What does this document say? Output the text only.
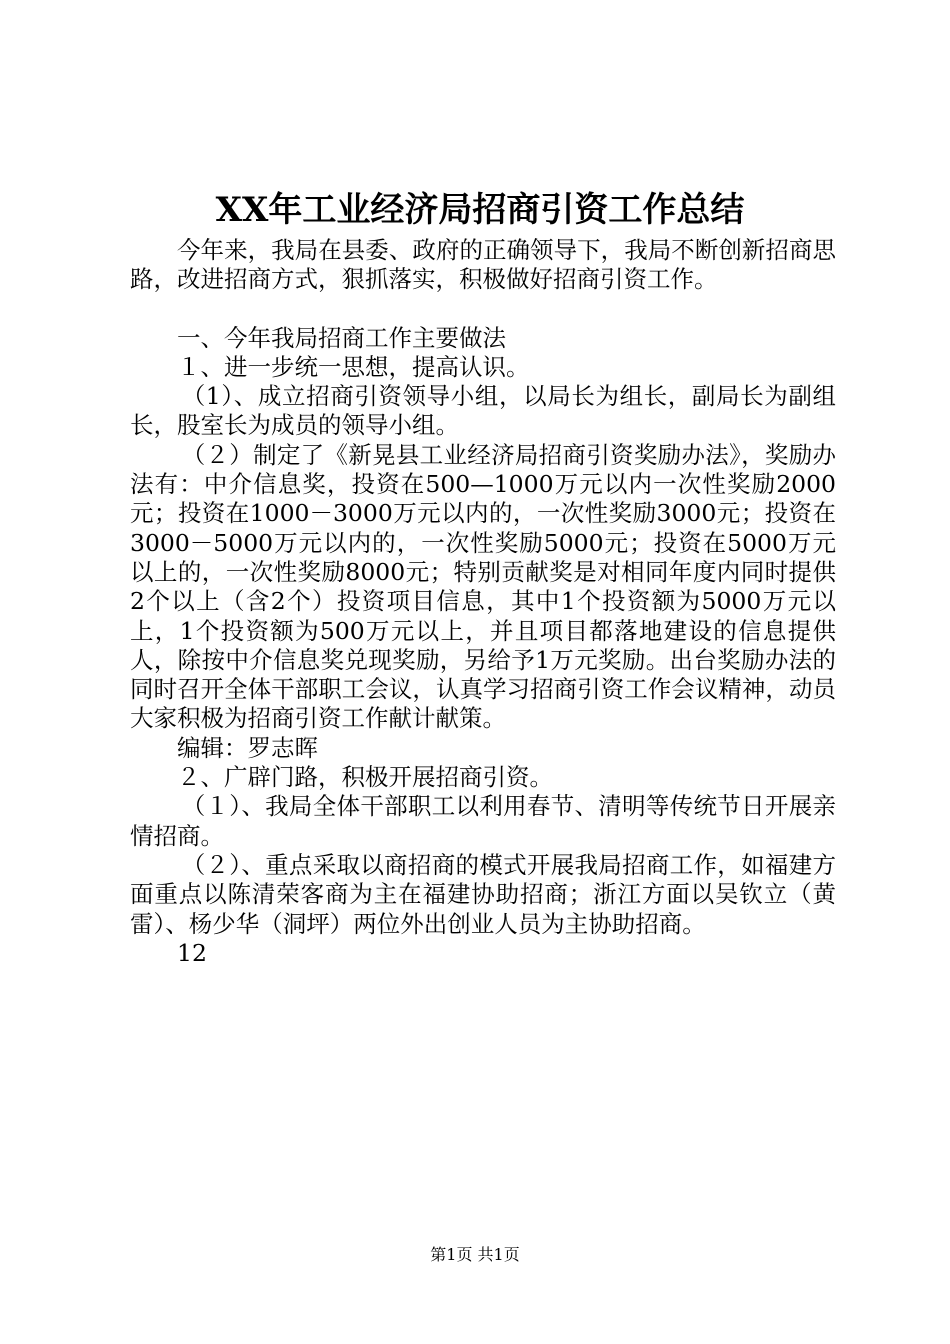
XX年工业经济局招商引资工作总结

今年来，我局在县委、政府的正确领导下，我局不断创新招商思路，改进招商方式，狠抓落实，积极做好招商引资工作。

一、今年我局招商工作主要做法

１、进一步统一思想，提高认识。

（1）、成立招商引资领导小组，以局长为组长，副局长为副组长，股室长为成员的领导小组。

（２）制定了《新晃县工业经济局招商引资奖励办法》，奖励办法有：中介信息奖，投资在500—1000万元以内一次性奖励2000元；投资在1000－3000万元以内的，一次性奖励3000元；投资在3000－5000万元以内的，一次性奖励5000元；投资在5000万元以上的，一次性奖励8000元；特别贡献奖是对相同年度内同时提供2个以上（含2个）投资项目信息，其中1个投资额为5000万元以上，1个投资额为500万元以上，并且项目都落地建设的信息提供人，除按中介信息奖兑现奖励，另给予1万元奖励。出台奖励办法的同时召开全体干部职工会议，认真学习招商引资工作会议精神，动员大家积极为招商引资工作献计献策。

编辑：罗志晖

２、广辟门路，积极开展招商引资。

（１）、我局全体干部职工以利用春节、清明等传统节日开展亲情招商。

（２）、重点采取以商招商的模式开展我局招商工作，如福建方面重点以陈清荣客商为主在福建协助招商；浙江方面以吴钦立（黄雷）、杨少华（洞坪）两位外出创业人员为主协助招商。

12

第1页 共1页
